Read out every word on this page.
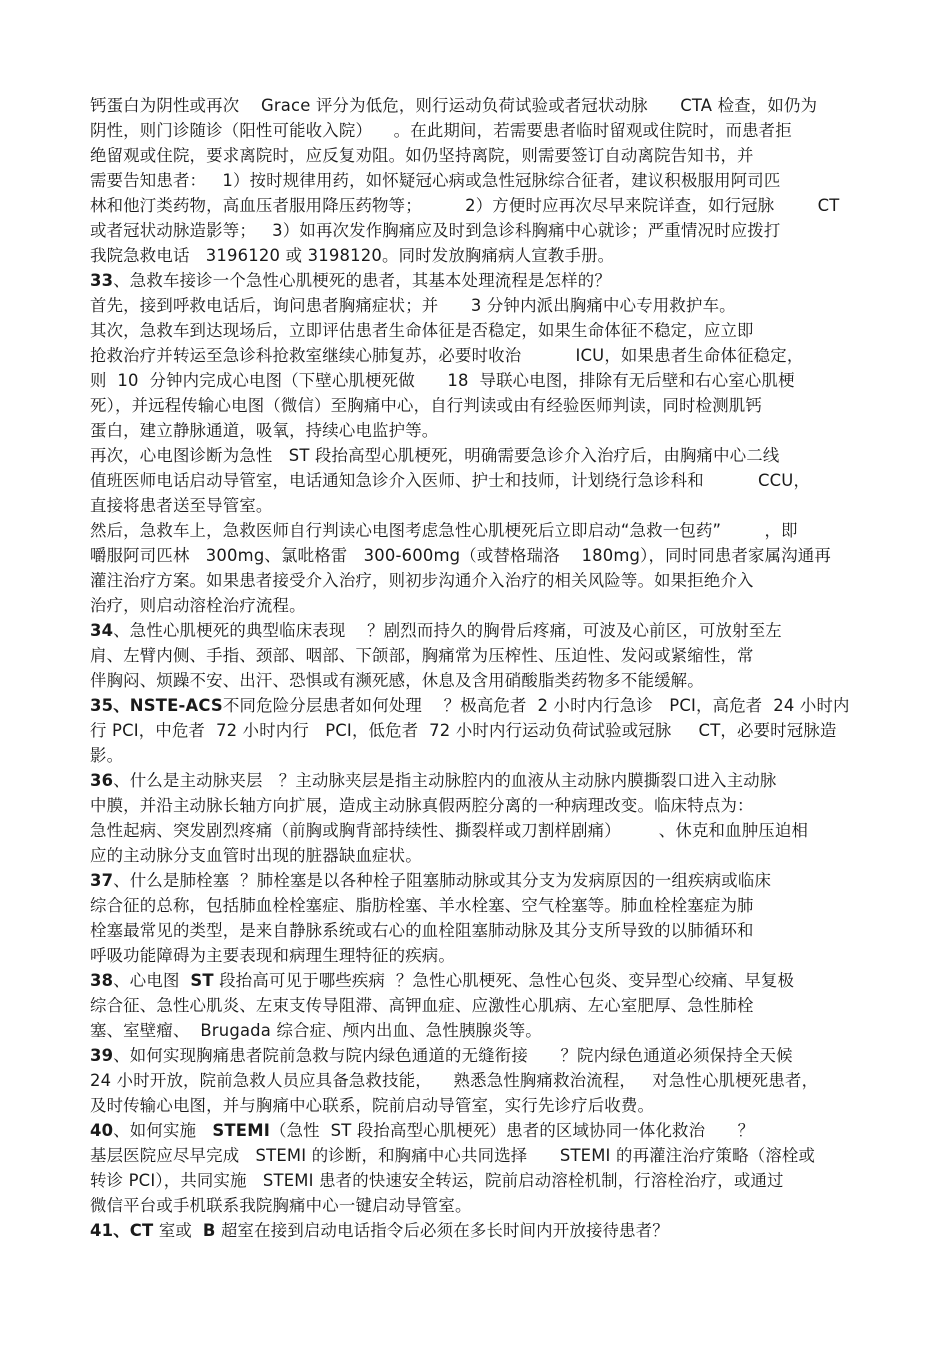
钙蛋白为阴性或再次    Grace 评分为低危，则行运动负荷试验或者冠状动脉      CTA 检查，如仍为
阴性，则门诊随诊（阳性可能收入院）    。在此期间，若需要患者临时留观或住院时，而患者拒
绝留观或住院，要求离院时，应反复劝阻。如仍坚持离院，则需要签订自动离院告知书，并
需要告知患者：   1）按时规律用药，如怀疑冠心病或急性冠脉综合征者，建议积极服用阿司匹
林和他汀类药物，高血压者服用降压药物等；        2）方便时应再次尽早来院详查，如行冠脉        CT
或者冠状动脉造影等；   3）如再次发作胸痛应及时到急诊科胸痛中心就诊；严重情况时应拨打
我院急救电话   3196120 或 3198120。同时发放胸痛病人宣教手册。
33、急救车接诊一个急性心肌梗死的患者，其基本处理流程是怎样的？
首先，接到呼救电话后，询问患者胸痛症状；并      3 分钟内派出胸痛中心专用救护车。
其次，急救车到达现场后，立即评估患者生命体征是否稳定，如果生命体征不稳定，应立即
抢救治疗并转运至急诊科抢救室继续心肺复苏，必要时收治          ICU，如果患者生命体征稳定，
则  10  分钟内完成心电图（下壁心肌梗死做      18  导联心电图，排除有无后壁和右心室心肌梗
死），并远程传输心电图（微信）至胸痛中心，自行判读或由有经验医师判读，同时检测肌钙
蛋白，建立静脉通道，吸氧，持续心电监护等。
再次，心电图诊断为急性   ST 段抬高型心肌梗死，明确需要急诊介入治疗后，由胸痛中心二线
值班医师电话启动导管室，电话通知急诊介入医师、护士和技师，计划绕行急诊科和          CCU，
直接将患者送至导管室。
然后，急救车上，急救医师自行判读心电图考虑急性心肌梗死后立即启动“急救一包药”        ，即
嚼服阿司匹林   300mg、氯吡格雷   300-600mg（或替格瑞洛    180mg），同时同患者家属沟通再
灌注治疗方案。如果患者接受介入治疗，则初步沟通介入治疗的相关风险等。如果拒绝介入
治疗，则启动溶栓治疗流程。
34、急性心肌梗死的典型临床表现    ？剧烈而持久的胸骨后疼痛，可波及心前区，可放射至左
肩、左臂内侧、手指、颈部、咽部、下颌部，胸痛常为压榨性、压迫性、发闷或紧缩性，常
伴胸闷、烦躁不安、出汗、恐惧或有濒死感，休息及含用硝酸脂类药物多不能缓解。
35、NSTE-ACS不同危险分层患者如何处理    ？极高危者  2 小时内行急诊   PCI，高危者  24 小时内
行 PCI，中危者  72 小时内行   PCI，低危者  72 小时内行运动负荷试验或冠脉     CT，必要时冠脉造
影。
36、什么是主动脉夹层   ？主动脉夹层是指主动脉腔内的血液从主动脉内膜撕裂口进入主动脉
中膜，并沿主动脉长轴方向扩展，造成主动脉真假两腔分离的一种病理改变。临床特点为：
急性起病、突发剧烈疼痛（前胸或胸背部持续性、撕裂样或刀割样剧痛）       、休克和血肿压迫相
应的主动脉分支血管时出现的脏器缺血症状。
37、什么是肺栓塞  ？肺栓塞是以各种栓子阻塞肺动脉或其分支为发病原因的一组疾病或临床
综合征的总称，包括肺血栓栓塞症、脂肪栓塞、羊水栓塞、空气栓塞等。肺血栓栓塞症为肺
栓塞最常见的类型，是来自静脉系统或右心的血栓阻塞肺动脉及其分支所导致的以肺循环和
呼吸功能障碍为主要表现和病理生理特征的疾病。
38、心电图  ST 段抬高可见于哪些疾病  ？急性心肌梗死、急性心包炎、变异型心绞痛、早复极
综合征、急性心肌炎、左束支传导阻滞、高钾血症、应激性心肌病、左心室肥厚、急性肺栓
塞、室壁瘤、  Brugada 综合症、颅内出血、急性胰腺炎等。
39、如何实现胸痛患者院前急救与院内绿色通道的无缝衔接      ？院内绿色通道必须保持全天候
24 小时开放，院前急救人员应具备急救技能，    熟悉急性胸痛救治流程，   对急性心肌梗死患者，
及时传输心电图，并与胸痛中心联系，院前启动导管室，实行先诊疗后收费。
40、如何实施   STEMI（急性  ST 段抬高型心肌梗死）患者的区域协同一体化救治      ？
基层医院应尽早完成   STEMI 的诊断，和胸痛中心共同选择      STEMI 的再灌注治疗策略（溶栓或
转诊 PCI），共同实施   STEMI 患者的快速安全转运，院前启动溶栓机制，行溶栓治疗，或通过
微信平台或手机联系我院胸痛中心一键启动导管室。
41、CT 室或  B 超室在接到启动电话指令后必须在多长时间内开放接待患者？
